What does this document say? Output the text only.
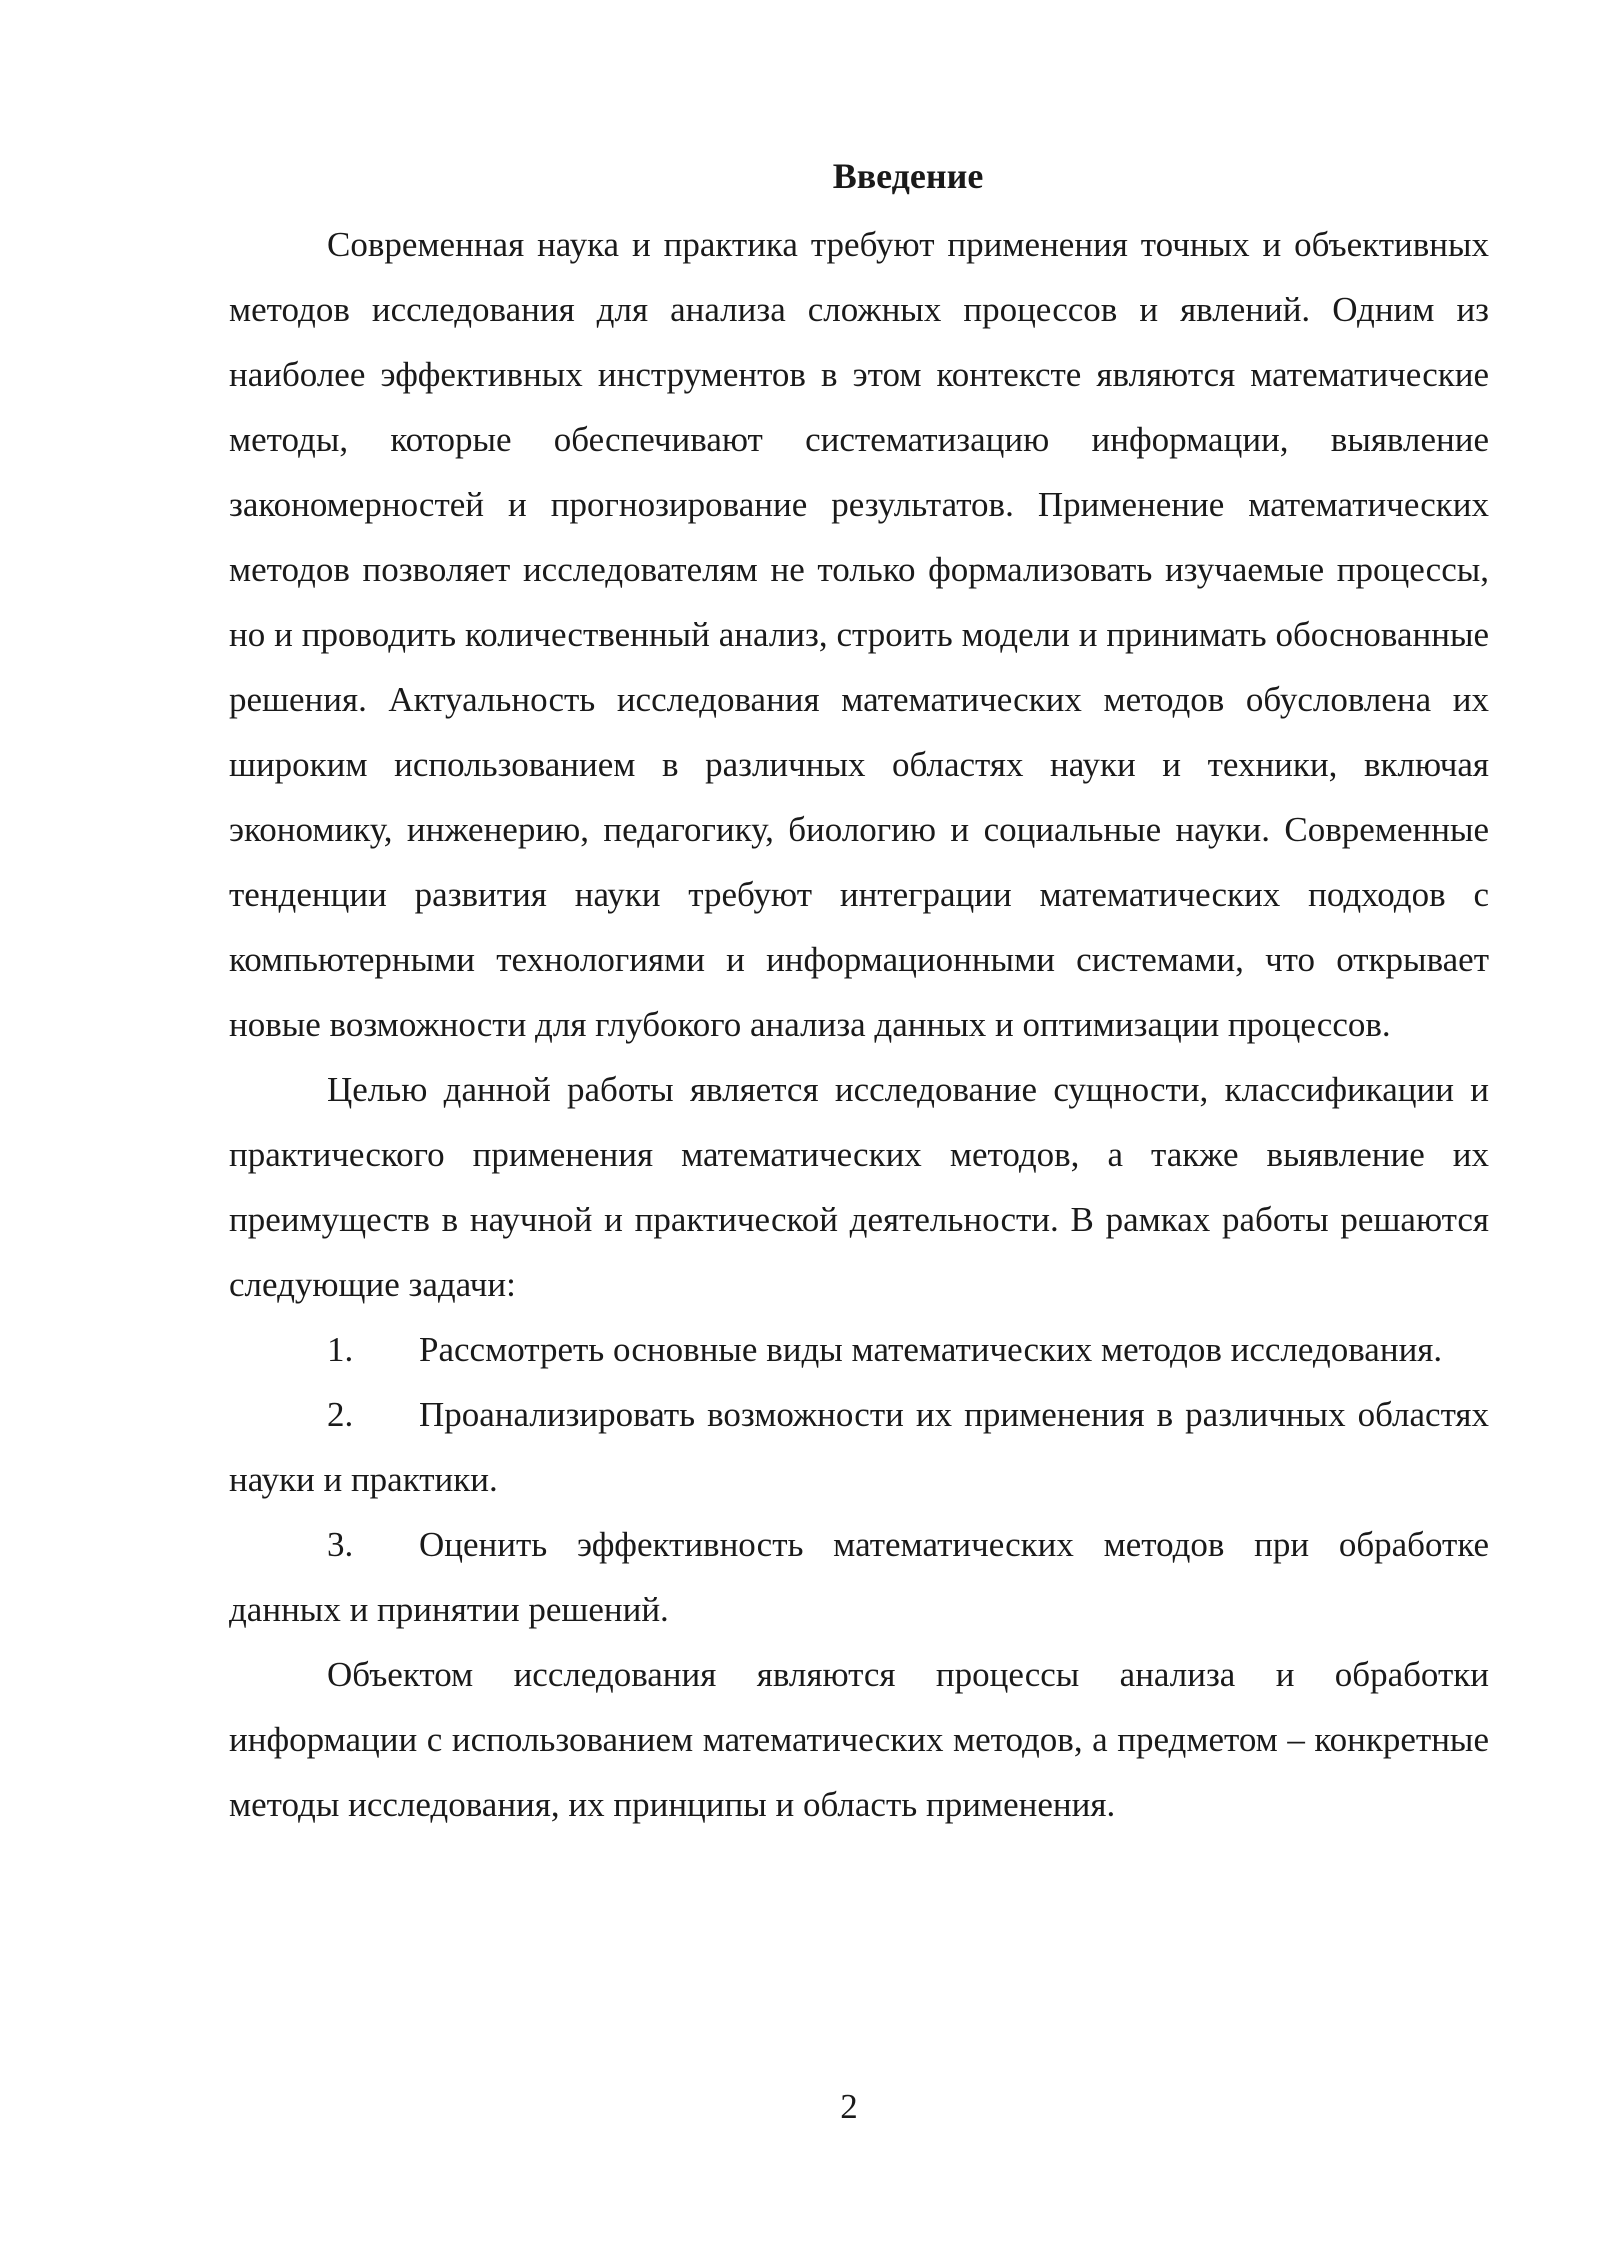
Введение

Современная наука и практика требуют применения точных и объективных методов исследования для анализа сложных процессов и явлений. Одним из наиболее эффективных инструментов в этом контексте являются математические методы, которые обеспечивают систематизацию информации, выявление закономерностей и прогнозирование результатов. Применение математических методов позволяет исследователям не только формализовать изучаемые процессы, но и проводить количественный анализ, строить модели и принимать обоснованные решения. Актуальность исследования математических методов обусловлена их широким использованием в различных областях науки и техники, включая экономику, инженерию, педагогику, биологию и социальные науки. Современные тенденции развития науки требуют интеграции математических подходов с компьютерными технологиями и информационными системами, что открывает новые возможности для глубокого анализа данных и оптимизации процессов.

Целью данной работы является исследование сущности, классификации и практического применения математических методов, а также выявление их преимуществ в научной и практической деятельности. В рамках работы решаются следующие задачи:

1. Рассмотреть основные виды математических методов исследования.
2. Проанализировать возможности их применения в различных областях науки и практики.
3. Оценить эффективность математических методов при обработке данных и принятии решений.

Объектом исследования являются процессы анализа и обработки информации с использованием математических методов, а предметом – конкретные методы исследования, их принципы и область применения.

2
